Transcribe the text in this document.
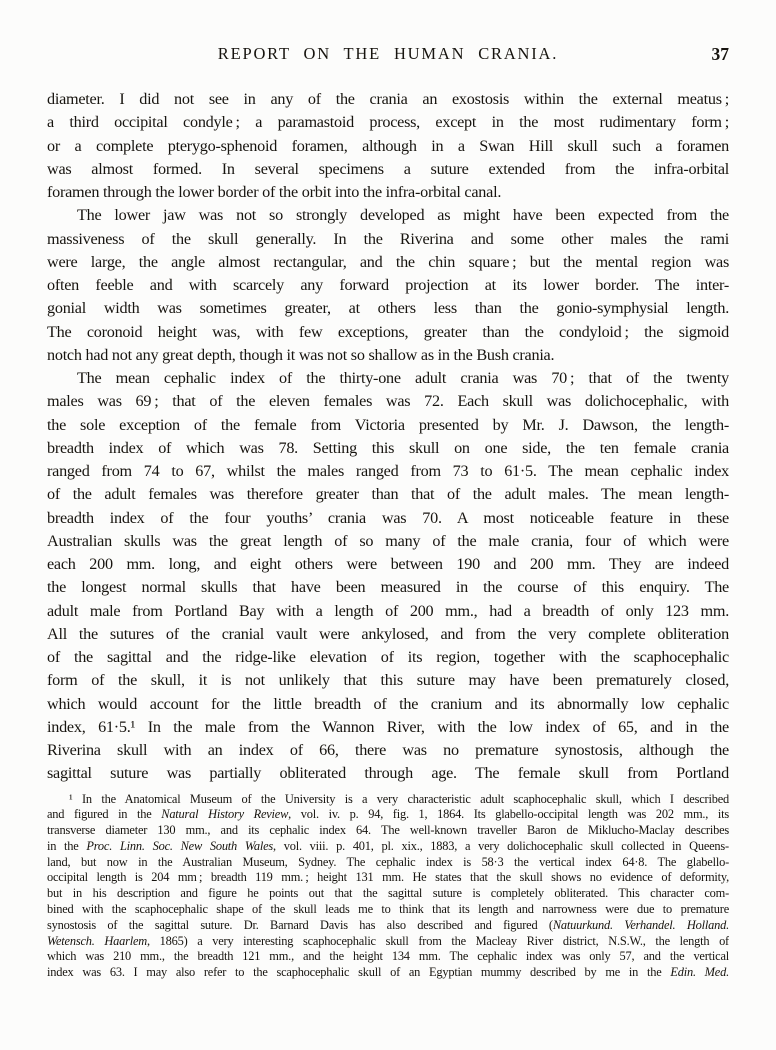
REPORT ON THE HUMAN CRANIA.	37
diameter. I did not see in any of the crania an exostosis within the external meatus ;
a third occipital condyle ; a paramastoid process, except in the most rudimentary form ;
or a complete pterygo-sphenoid foramen, although in a Swan Hill skull such a foramen
was almost formed. In several specimens a suture extended from the infra-orbital
foramen through the lower border of the orbit into the infra-orbital canal.
The lower jaw was not so strongly developed as might have been expected from the
massiveness of the skull generally. In the Riverina and some other males the rami
were large, the angle almost rectangular, and the chin square ; but the mental region was
often feeble and with scarcely any forward projection at its lower border. The inter-
gonial width was sometimes greater, at others less than the gonio-symphysial length.
The coronoid height was, with few exceptions, greater than the condyloid ; the sigmoid
notch had not any great depth, though it was not so shallow as in the Bush crania.
The mean cephalic index of the thirty-one adult crania was 70 ; that of the twenty
males was 69 ; that of the eleven females was 72. Each skull was dolichocephalic, with
the sole exception of the female from Victoria presented by Mr. J. Dawson, the length-
breadth index of which was 78. Setting this skull on one side, the ten female crania
ranged from 74 to 67, whilst the males ranged from 73 to 61·5. The mean cephalic index
of the adult females was therefore greater than that of the adult males. The mean length-
breadth index of the four youths’ crania was 70. A most noticeable feature in these
Australian skulls was the great length of so many of the male crania, four of which were
each 200 mm. long, and eight others were between 190 and 200 mm. They are indeed
the longest normal skulls that have been measured in the course of this enquiry. The
adult male from Portland Bay with a length of 200 mm., had a breadth of only 123 mm.
All the sutures of the cranial vault were ankylosed, and from the very complete obliteration
of the sagittal and the ridge-like elevation of its region, together with the scaphocephalic
form of the skull, it is not unlikely that this suture may have been prematurely closed,
which would account for the little breadth of the cranium and its abnormally low cephalic
index, 61·5.¹ In the male from the Wannon River, with the low index of 65, and in the
Riverina skull with an index of 66, there was no premature synostosis, although the
sagittal suture was partially obliterated through age. The female skull from Portland
¹ In the Anatomical Museum of the University is a very characteristic adult scaphocephalic skull, which I described
and figured in the Natural History Review, vol. iv. p. 94, fig. 1, 1864. Its glabello-occipital length was 202 mm., its
transverse diameter 130 mm., and its cephalic index 64. The well-known traveller Baron de Miklucho-Maclay describes
in the Proc. Linn. Soc. New South Wales, vol. viii. p. 401, pl. xix., 1883, a very dolichocephalic skull collected in Queens-
land, but now in the Australian Museum, Sydney. The cephalic index is 58·3 the vertical index 64·8. The glabello-
occipital length is 204 mm ; breadth 119 mm. ; height 131 mm. He states that the skull shows no evidence of deformity,
but in his description and figure he points out that the sagittal suture is completely obliterated. This character com-
bined with the scaphocephalic shape of the skull leads me to think that its length and narrowness were due to premature
synostosis of the sagittal suture. Dr. Barnard Davis has also described and figured (Natuurkund. Verhandel. Holland.
Wetensch. Haarlem, 1865) a very interesting scaphocephalic skull from the Macleay River district, N.S.W., the length of
which was 210 mm., the breadth 121 mm., and the height 134 mm. The cephalic index was only 57, and the vertical
index was 63. I may also refer to the scaphocephalic skull of an Egyptian mummy described by me in the Edin. Med.
